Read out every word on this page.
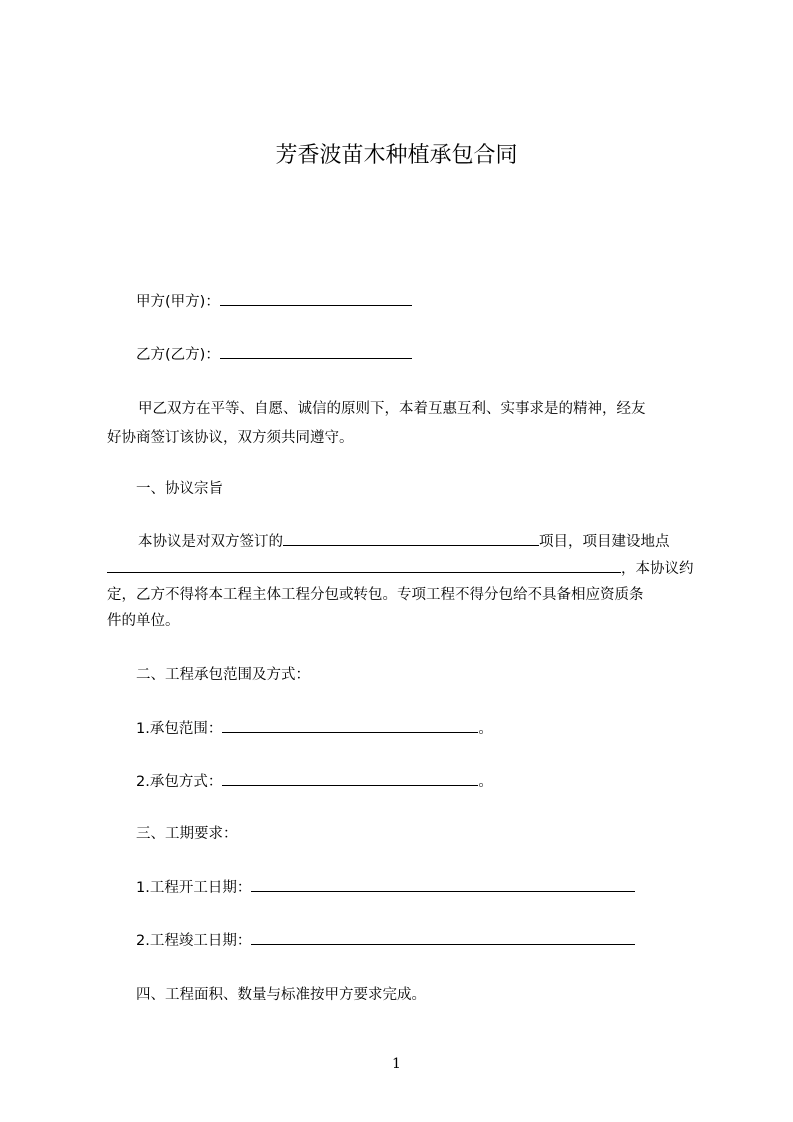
芳香波苗木种植承包合同
甲方(甲方)：
乙方(乙方)：
甲乙双方在平等、自愿、诚信的原则下，本着互惠互利、实事求是的精神，经友
好协商签订该协议，双方须共同遵守。
一、协议宗旨
本协议是对双方签订的	项目，项目建设地点
，本协议约
定，乙方不得将本工程主体工程分包或转包。专项工程不得分包给不具备相应资质条
件的单位。
二、工程承包范围及方式：
1.承包范围：	。
2.承包方式：	。
三、工期要求：
1.工程开工日期：
2.工程竣工日期：
四、工程面积、数量与标准按甲方要求完成。
1
